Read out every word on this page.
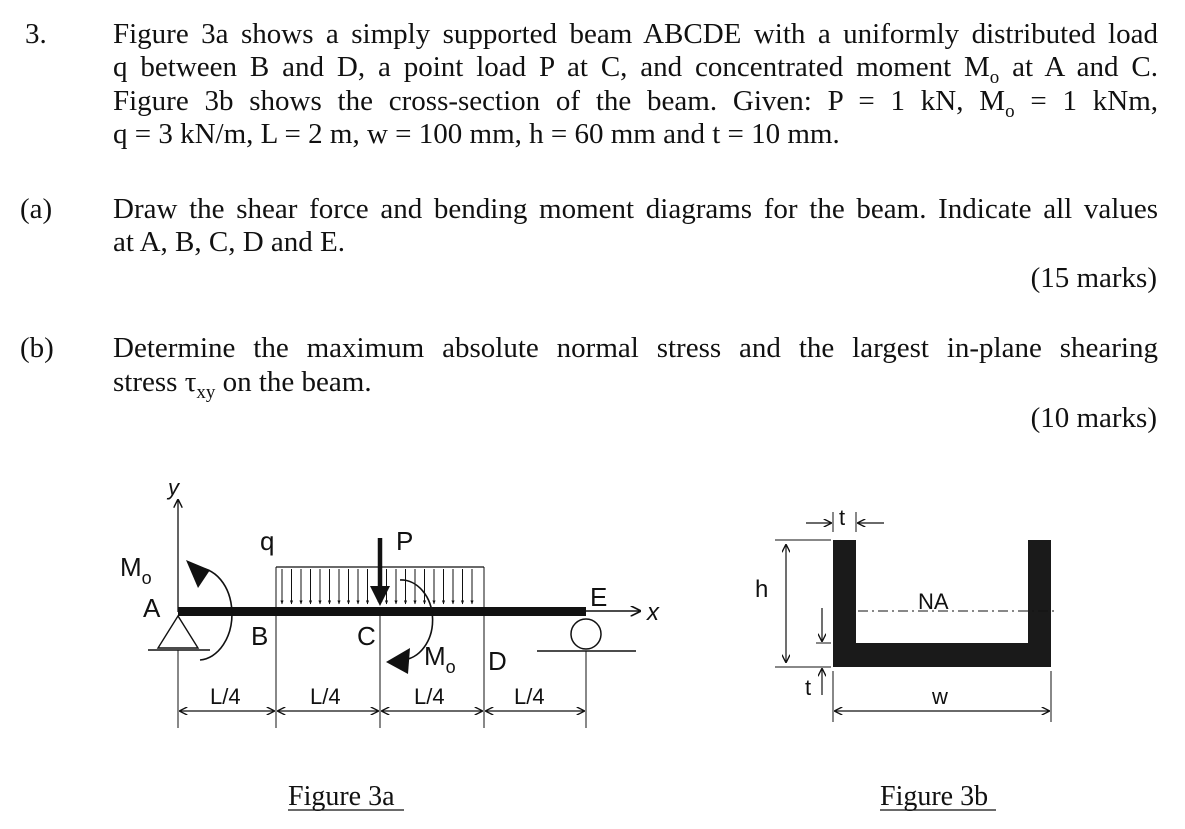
3. Figure 3a shows a simply supported beam ABCDE with a uniformly distributed load
q between B and D, a point load P at C, and concentrated moment $M_o$ at A and C.
Figure 3b shows the cross-section of the beam. Given: P = 1 kN, $M_o = 1$ kNm,
q = 3 kN/m, L = 2 m, w = 100 mm, h = 60 mm and t = 10 mm.
(a) Draw the shear force and bending moment diagrams for the beam. Indicate all values
at A, B, C, D and E.
(15 marks)
(b) Determine the maximum absolute normal stress and the largest in-plane shearing
stress $\tau_{xy}$ on the beam.
(10 marks)
y
x
$M_o$
q	P
$M_o$
A
B	C
D
E
L/4	L/4	L/4	L/4
Figure 3a
t
h
t
NA
w
Figure 3b
